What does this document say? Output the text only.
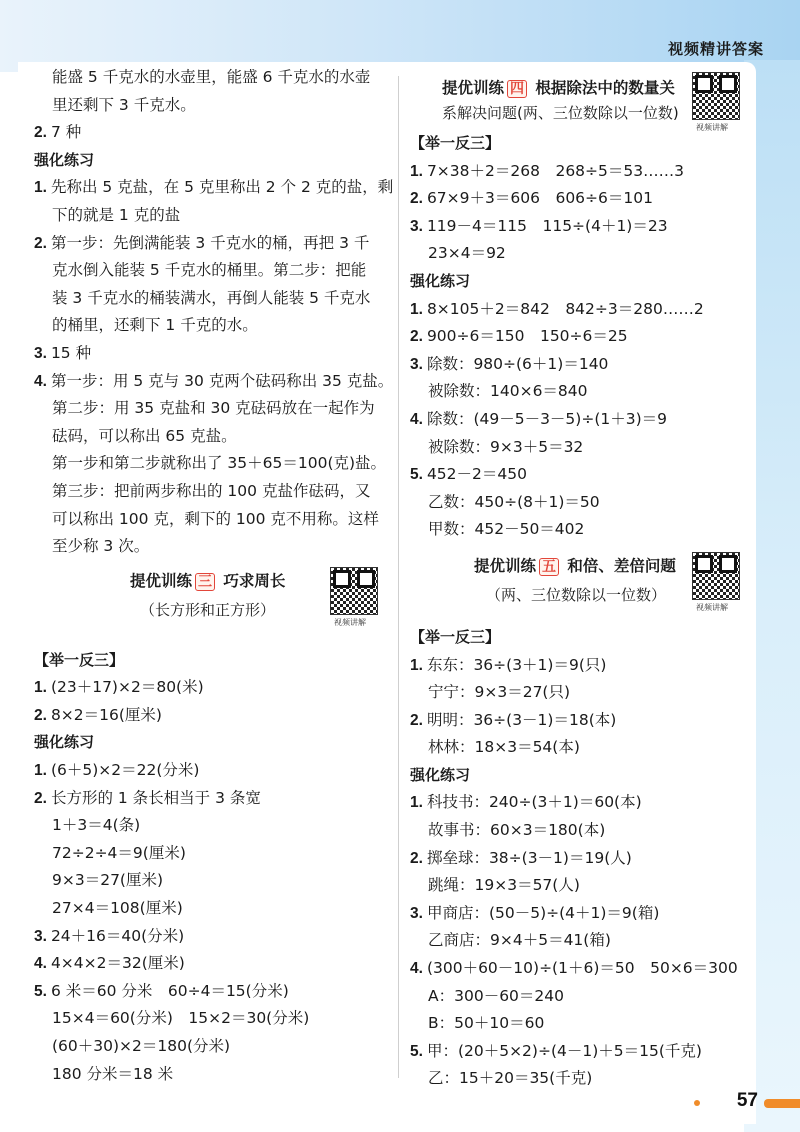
视频精讲答案
能盛 5 千克水的水壶里，能盛 6 千克水的水壶
里还剩下 3 千克水。
2. 7 种
强化练习
1. 先称出 5 克盐，在 5 克里称出 2 个 2 克的盐，剩
下的就是 1 克的盐
2. 第一步：先倒满能装 3 千克水的桶，再把 3 千
克水倒入能装 5 千克水的桶里。第二步：把能
装 3 千克水的桶装满水，再倒人能装 5 千克水
的桶里，还剩下 1 千克的水。
3. 15 种
4. 第一步：用 5 克与 30 克两个砝码称出 35 克盐。
第二步：用 35 克盐和 30 克砝码放在一起作为
砝码，可以称出 65 克盐。
第一步和第二步就称出了 35＋65＝100(克)盐。
第三步：把前两步称出的 100 克盐作砝码，又
可以称出 100 克，剩下的 100 克不用称。这样
至少称 3 次。
提优训练 三 巧求周长
（长方形和正方形）
视频讲解
【举一反三】
1. (23＋17)×2＝80(米)
2. 8×2＝16(厘米)
强化练习
1. (6＋5)×2＝22(分米)
2. 长方形的 1 条长相当于 3 条宽
1＋3＝4(条)
72÷2÷4＝9(厘米)
9×3＝27(厘米)
27×4＝108(厘米)
3. 24＋16＝40(分米)
4. 4×4×2＝32(厘米)
5. 6 米＝60 分米　60÷4＝15(分米)
15×4＝60(分米)　15×2＝30(分米)
(60＋30)×2＝180(分米)
180 分米＝18 米
提优训练 四 根据除法中的数量关
系解决问题(两、三位数除以一位数)
视频讲解
【举一反三】
1. 7×38＋2＝268　268÷5＝53……3
2. 67×9＋3＝606　606÷6＝101
3. 119－4＝115　115÷(4＋1)＝23
23×4＝92
强化练习
1. 8×105＋2＝842　842÷3＝280……2
2. 900÷6＝150　150÷6＝25
3. 除数：980÷(6＋1)＝140
被除数：140×6＝840
4. 除数：(49－5－3－5)÷(1＋3)＝9
被除数：9×3＋5＝32
5. 452－2＝450
乙数：450÷(8＋1)＝50
甲数：452－50＝402
提优训练 五 和倍、差倍问题
（两、三位数除以一位数）
视频讲解
【举一反三】
1. 东东：36÷(3＋1)＝9(只)
宁宁：9×3＝27(只)
2. 明明：36÷(3－1)＝18(本)
林林：18×3＝54(本)
强化练习
1. 科技书：240÷(3＋1)＝60(本)
故事书：60×3＝180(本)
2. 掷垒球：38÷(3－1)＝19(人)
跳绳：19×3＝57(人)
3. 甲商店：(50－5)÷(4＋1)＝9(箱)
乙商店：9×4＋5＝41(箱)
4. (300＋60－10)÷(1＋6)＝50　50×6＝300
A：300－60＝240
B：50＋10＝60
5. 甲：(20＋5×2)÷(4－1)＋5＝15(千克)
乙：15＋20＝35(千克)
57
